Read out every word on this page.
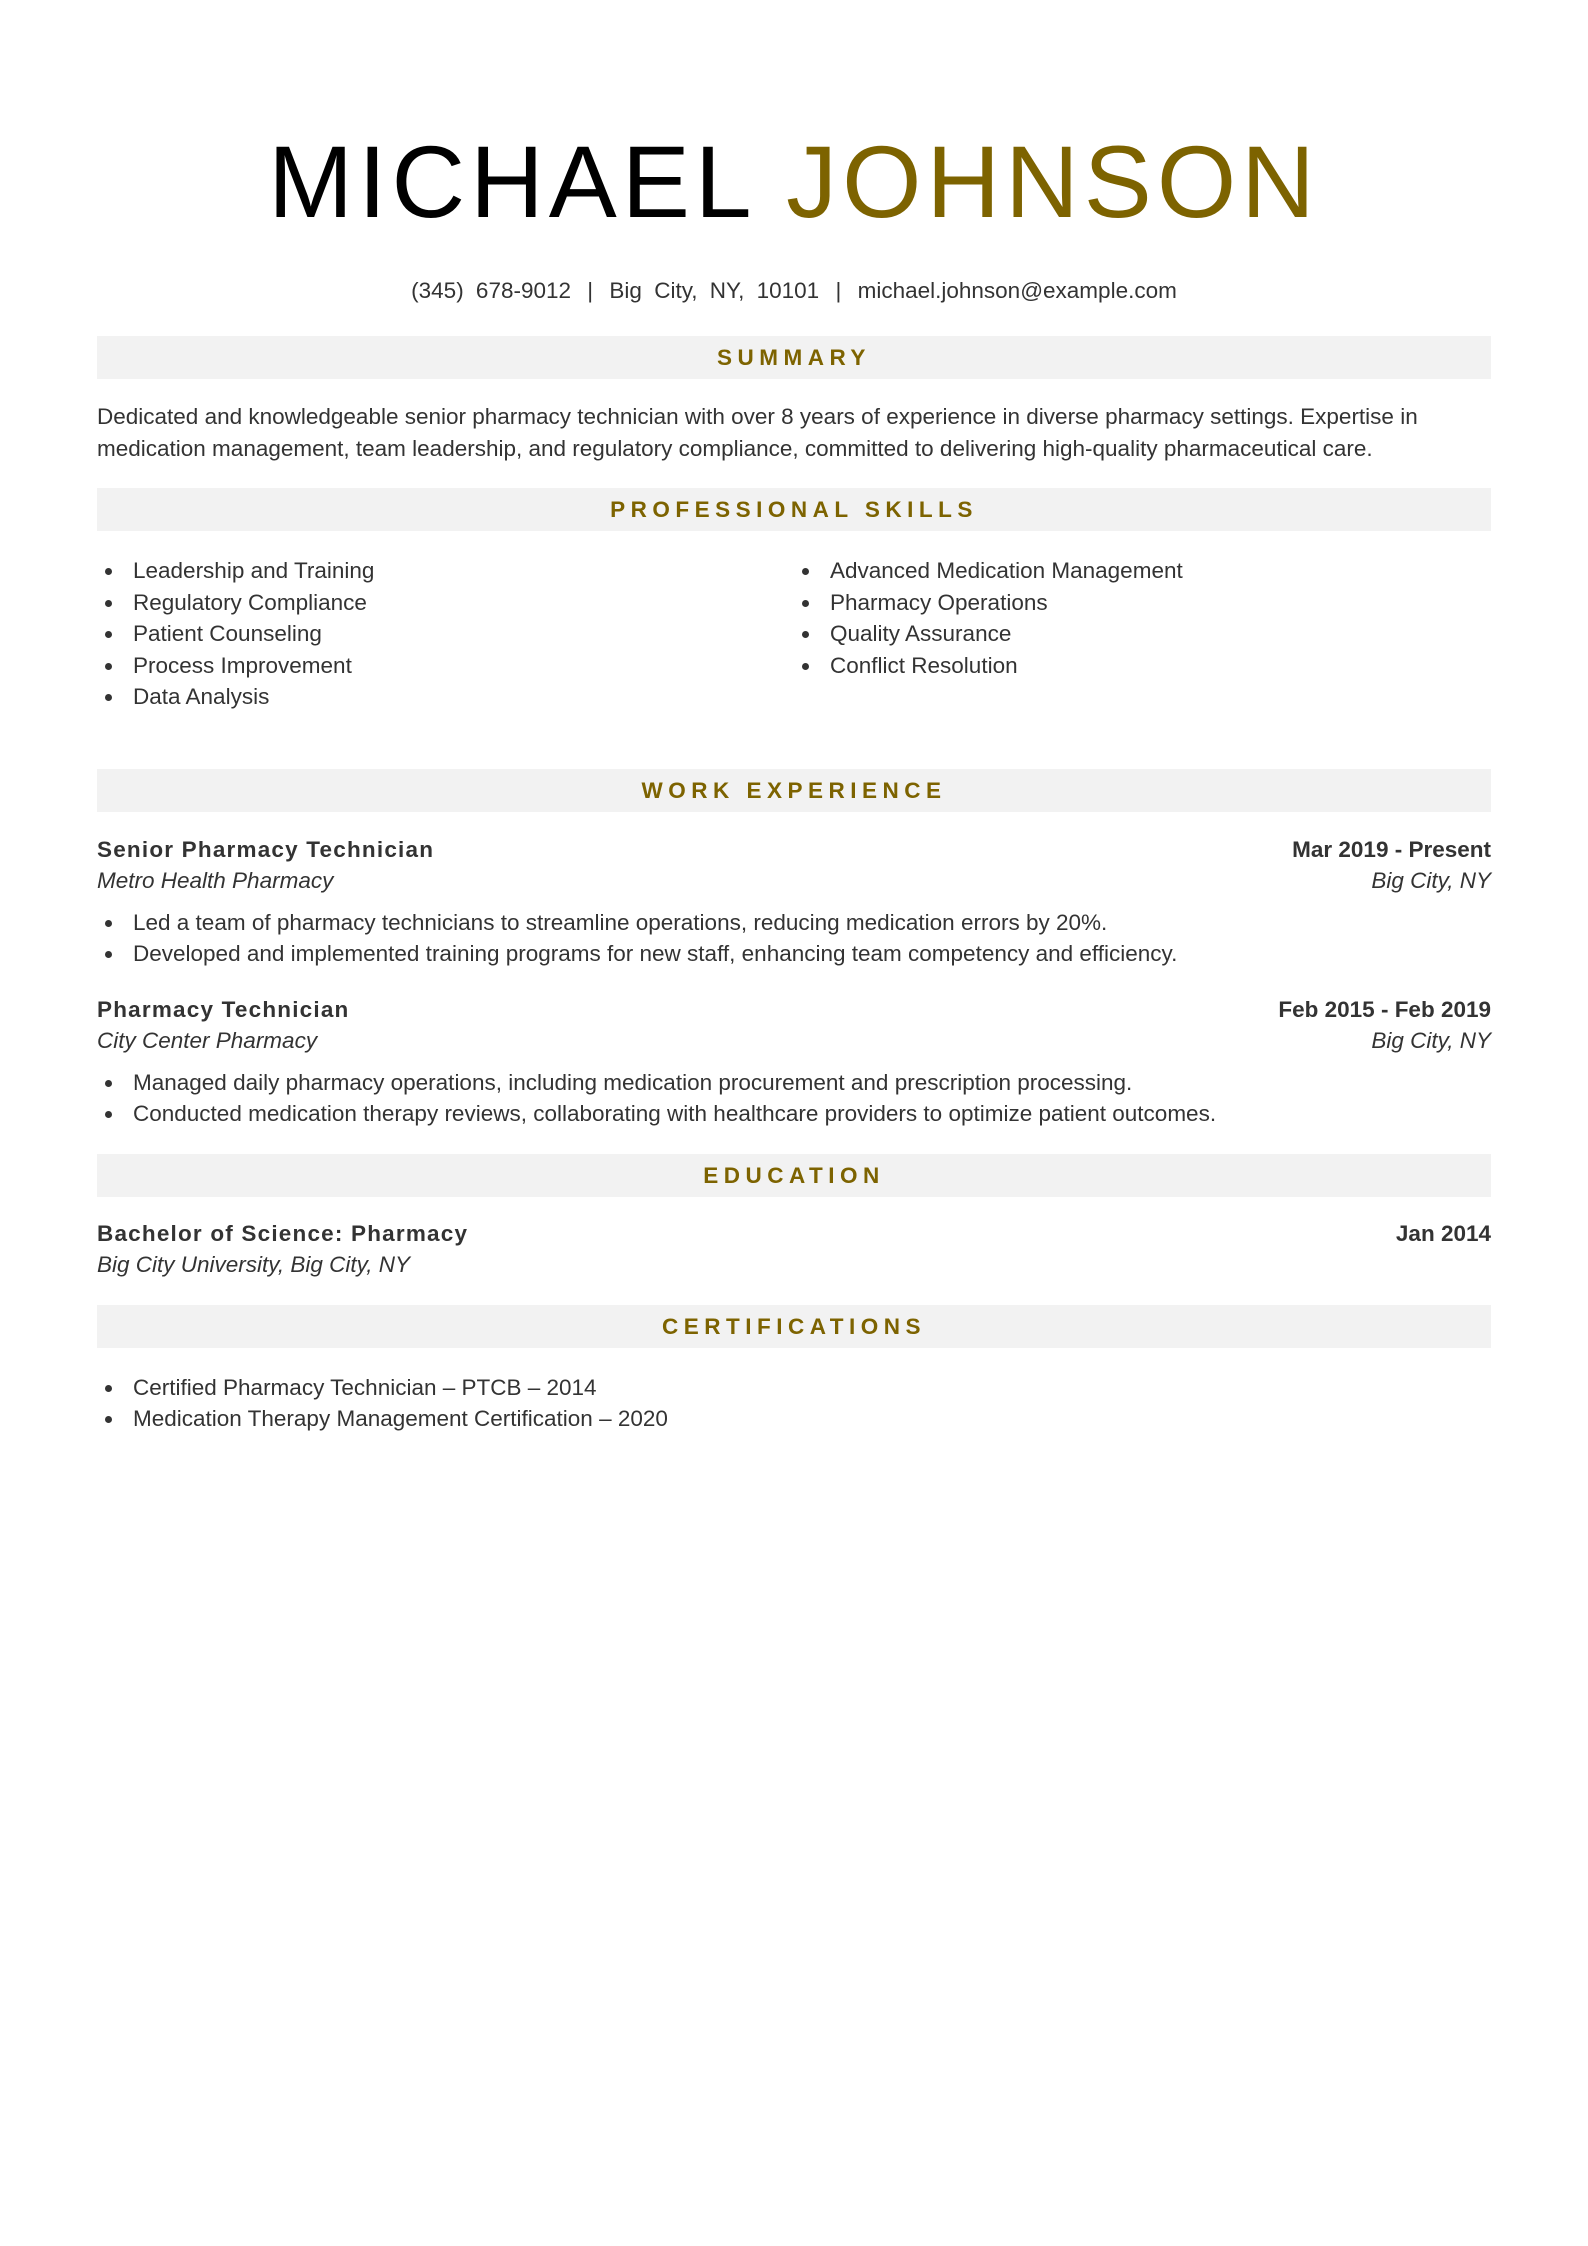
MICHAEL JOHNSON
(345) 678-9012 | Big City, NY, 10101 | michael.johnson@example.com
SUMMARY

Dedicated and knowledgeable senior pharmacy technician with over 8 years of experience in diverse pharmacy settings. Expertise in medication management, team leadership, and regulatory compliance, committed to delivering high-quality pharmaceutical care.

PROFESSIONAL SKILLS
Leadership and Training
Regulatory Compliance
Patient Counseling
Process Improvement
Data Analysis
Advanced Medication Management
Pharmacy Operations
Quality Assurance
Conflict Resolution
WORK EXPERIENCE
Senior Pharmacy Technician	Mar 2019 - Present
Metro Health Pharmacy	Big City, NY
Led a team of pharmacy technicians to streamline operations, reducing medication errors by 20%.
Developed and implemented training programs for new staff, enhancing team competency and efficiency.
Pharmacy Technician	Feb 2015 - Feb 2019
City Center Pharmacy	Big City, NY
Managed daily pharmacy operations, including medication procurement and prescription processing.
Conducted medication therapy reviews, collaborating with healthcare providers to optimize patient outcomes.
EDUCATION
Bachelor of Science: Pharmacy	Jan 2014
Big City University, Big City, NY
CERTIFICATIONS
Certified Pharmacy Technician – PTCB – 2014
Medication Therapy Management Certification – 2020
